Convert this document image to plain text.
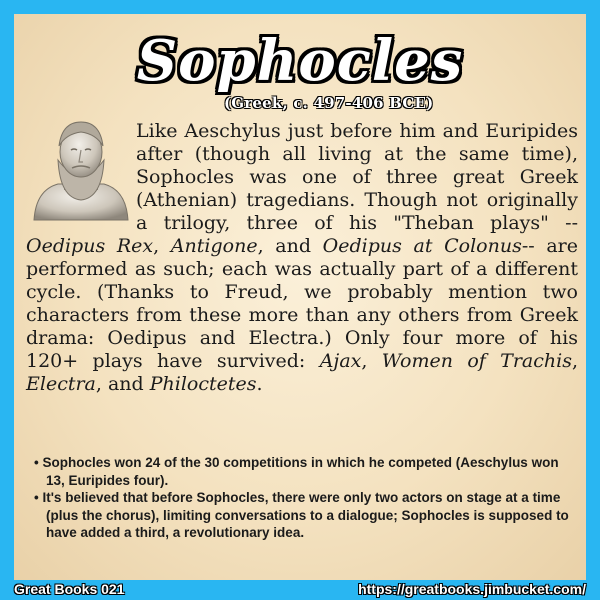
Sophocles
(Greek, c. 497-406 BCE)
Like Aeschylus just before him and Euripides after (though all living at the same time), Sophocles was one of three great Greek (Athenian) tragedians. Though not originally a trilogy, three of his "Theban plays" --Oedipus Rex, Antigone, and Oedipus at Colonus-- are performed as such; each was actually part of a different cycle. (Thanks to Freud, we probably mention two characters from these more than any others from Greek drama: Oedipus and Electra.) Only four more of his 120+ plays have survived: Ajax, Women of Trachis, Electra, and Philoctetes.
• Sophocles won 24 of the 30 competitions in which he competed (Aeschylus won 13, Euripides four).
• It's believed that before Sophocles, there were only two actors on stage at a time (plus the chorus), limiting conversations to a dialogue; Sophocles is supposed to have added a third, a revolutionary idea.
Great Books 021	https://greatbooks.jimbucket.com/
